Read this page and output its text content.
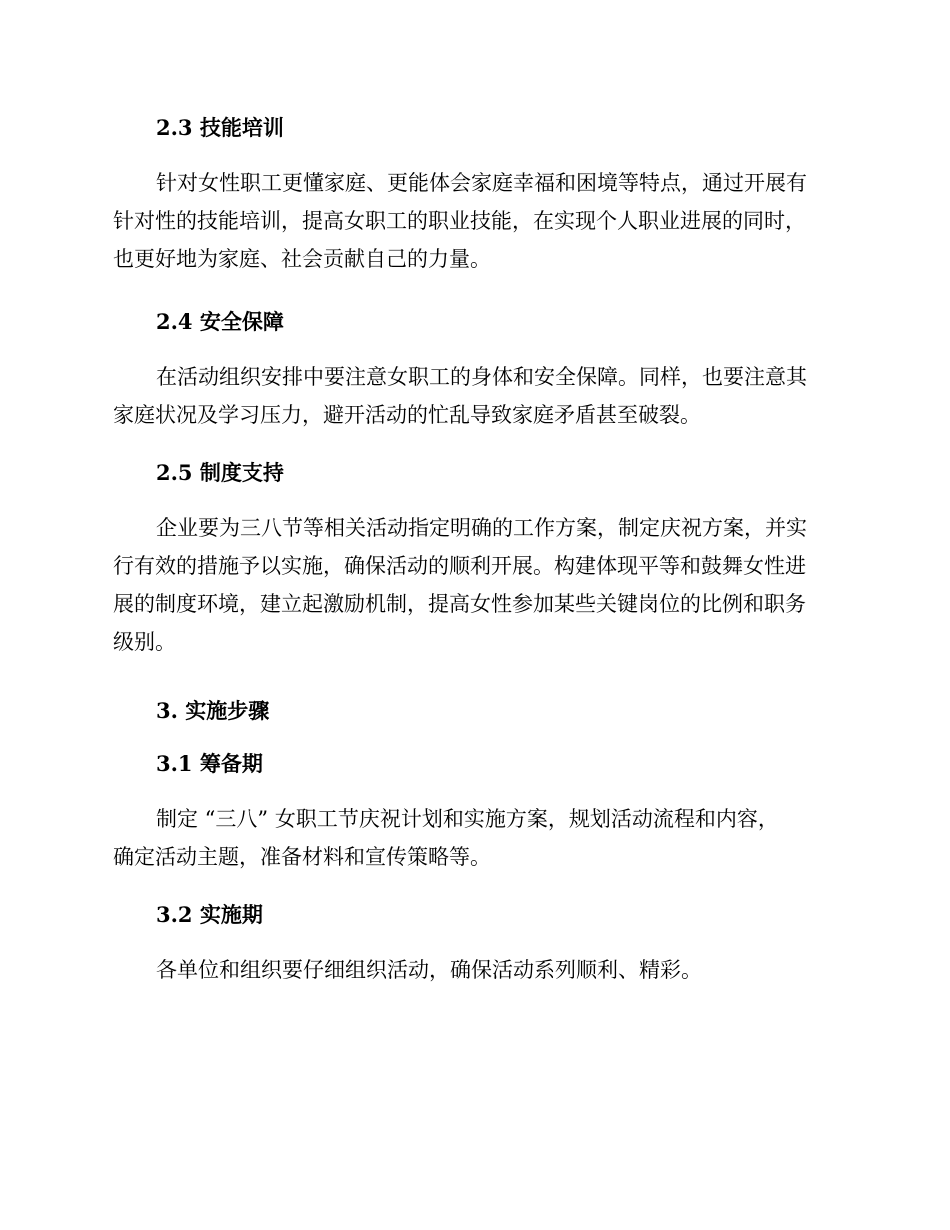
2.3 技能培训
针对女性职工更懂家庭、更能体会家庭幸福和困境等特点，通过开展有
针对性的技能培训，提高女职工的职业技能，在实现个人职业进展的同时，
也更好地为家庭、社会贡献自己的力量。
2.4 安全保障
在活动组织安排中要注意女职工的身体和安全保障。同样，也要注意其
家庭状况及学习压力，避开活动的忙乱导致家庭矛盾甚至破裂。
2.5 制度支持
企业要为三八节等相关活动指定明确的工作方案，制定庆祝方案，并实
行有效的措施予以实施，确保活动的顺利开展。构建体现平等和鼓舞女性进
展的制度环境，建立起激励机制，提高女性参加某些关键岗位的比例和职务
级别。
3. 实施步骤
3.1 筹备期
制定 “三八” 女职工节庆祝计划和实施方案，规划活动流程和内容，
确定活动主题，准备材料和宣传策略等。
3.2 实施期
各单位和组织要仔细组织活动，确保活动系列顺利、精彩。
